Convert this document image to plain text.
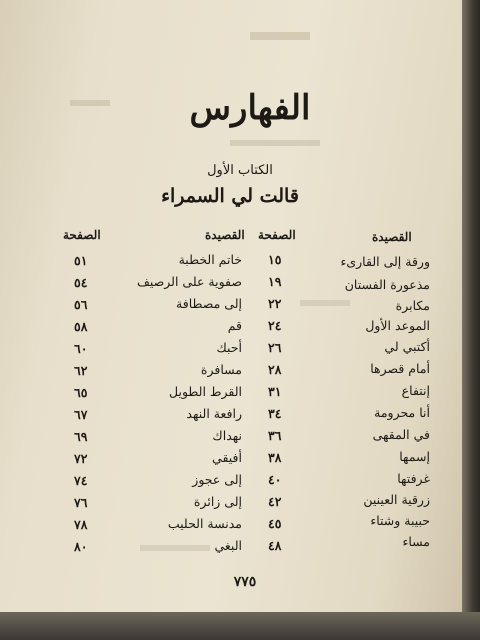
الفهارس
الكتاب الأول
قالت لي السمراء
القصيدة
الصفحة
القصيدة
الصفحة
ورقة إلى القارىء
مذعورة الفستان
مكابرة
الموعد الأول
أكتبي لي
أمام قصرها
إنتفاع
أنا محرومة
في المقهى
إسمها
غرفتها
زرقية العينين
حبيبة وشتاء
مساء
١٥
١٩
٢٢
٢٤
٢٦
٢٨
٣١
٣٤
٣٦
٣٨
٤٠
٤٢
٤٥
٤٨
خاتم الخطبة
صفوية على الرصيف
إلى مصطافة
قم
أحبك
مسافرة
القرط الطويل
رافعة النهد
نهداك
أفيقي
إلى عجوز
إلى زائرة
مدنسة الحليب
البغي
٥١
٥٤
٥٦
٥٨
٦٠
٦٢
٦٥
٦٧
٦٩
٧٢
٧٤
٧٦
٧٨
٨٠
٧٧٥
